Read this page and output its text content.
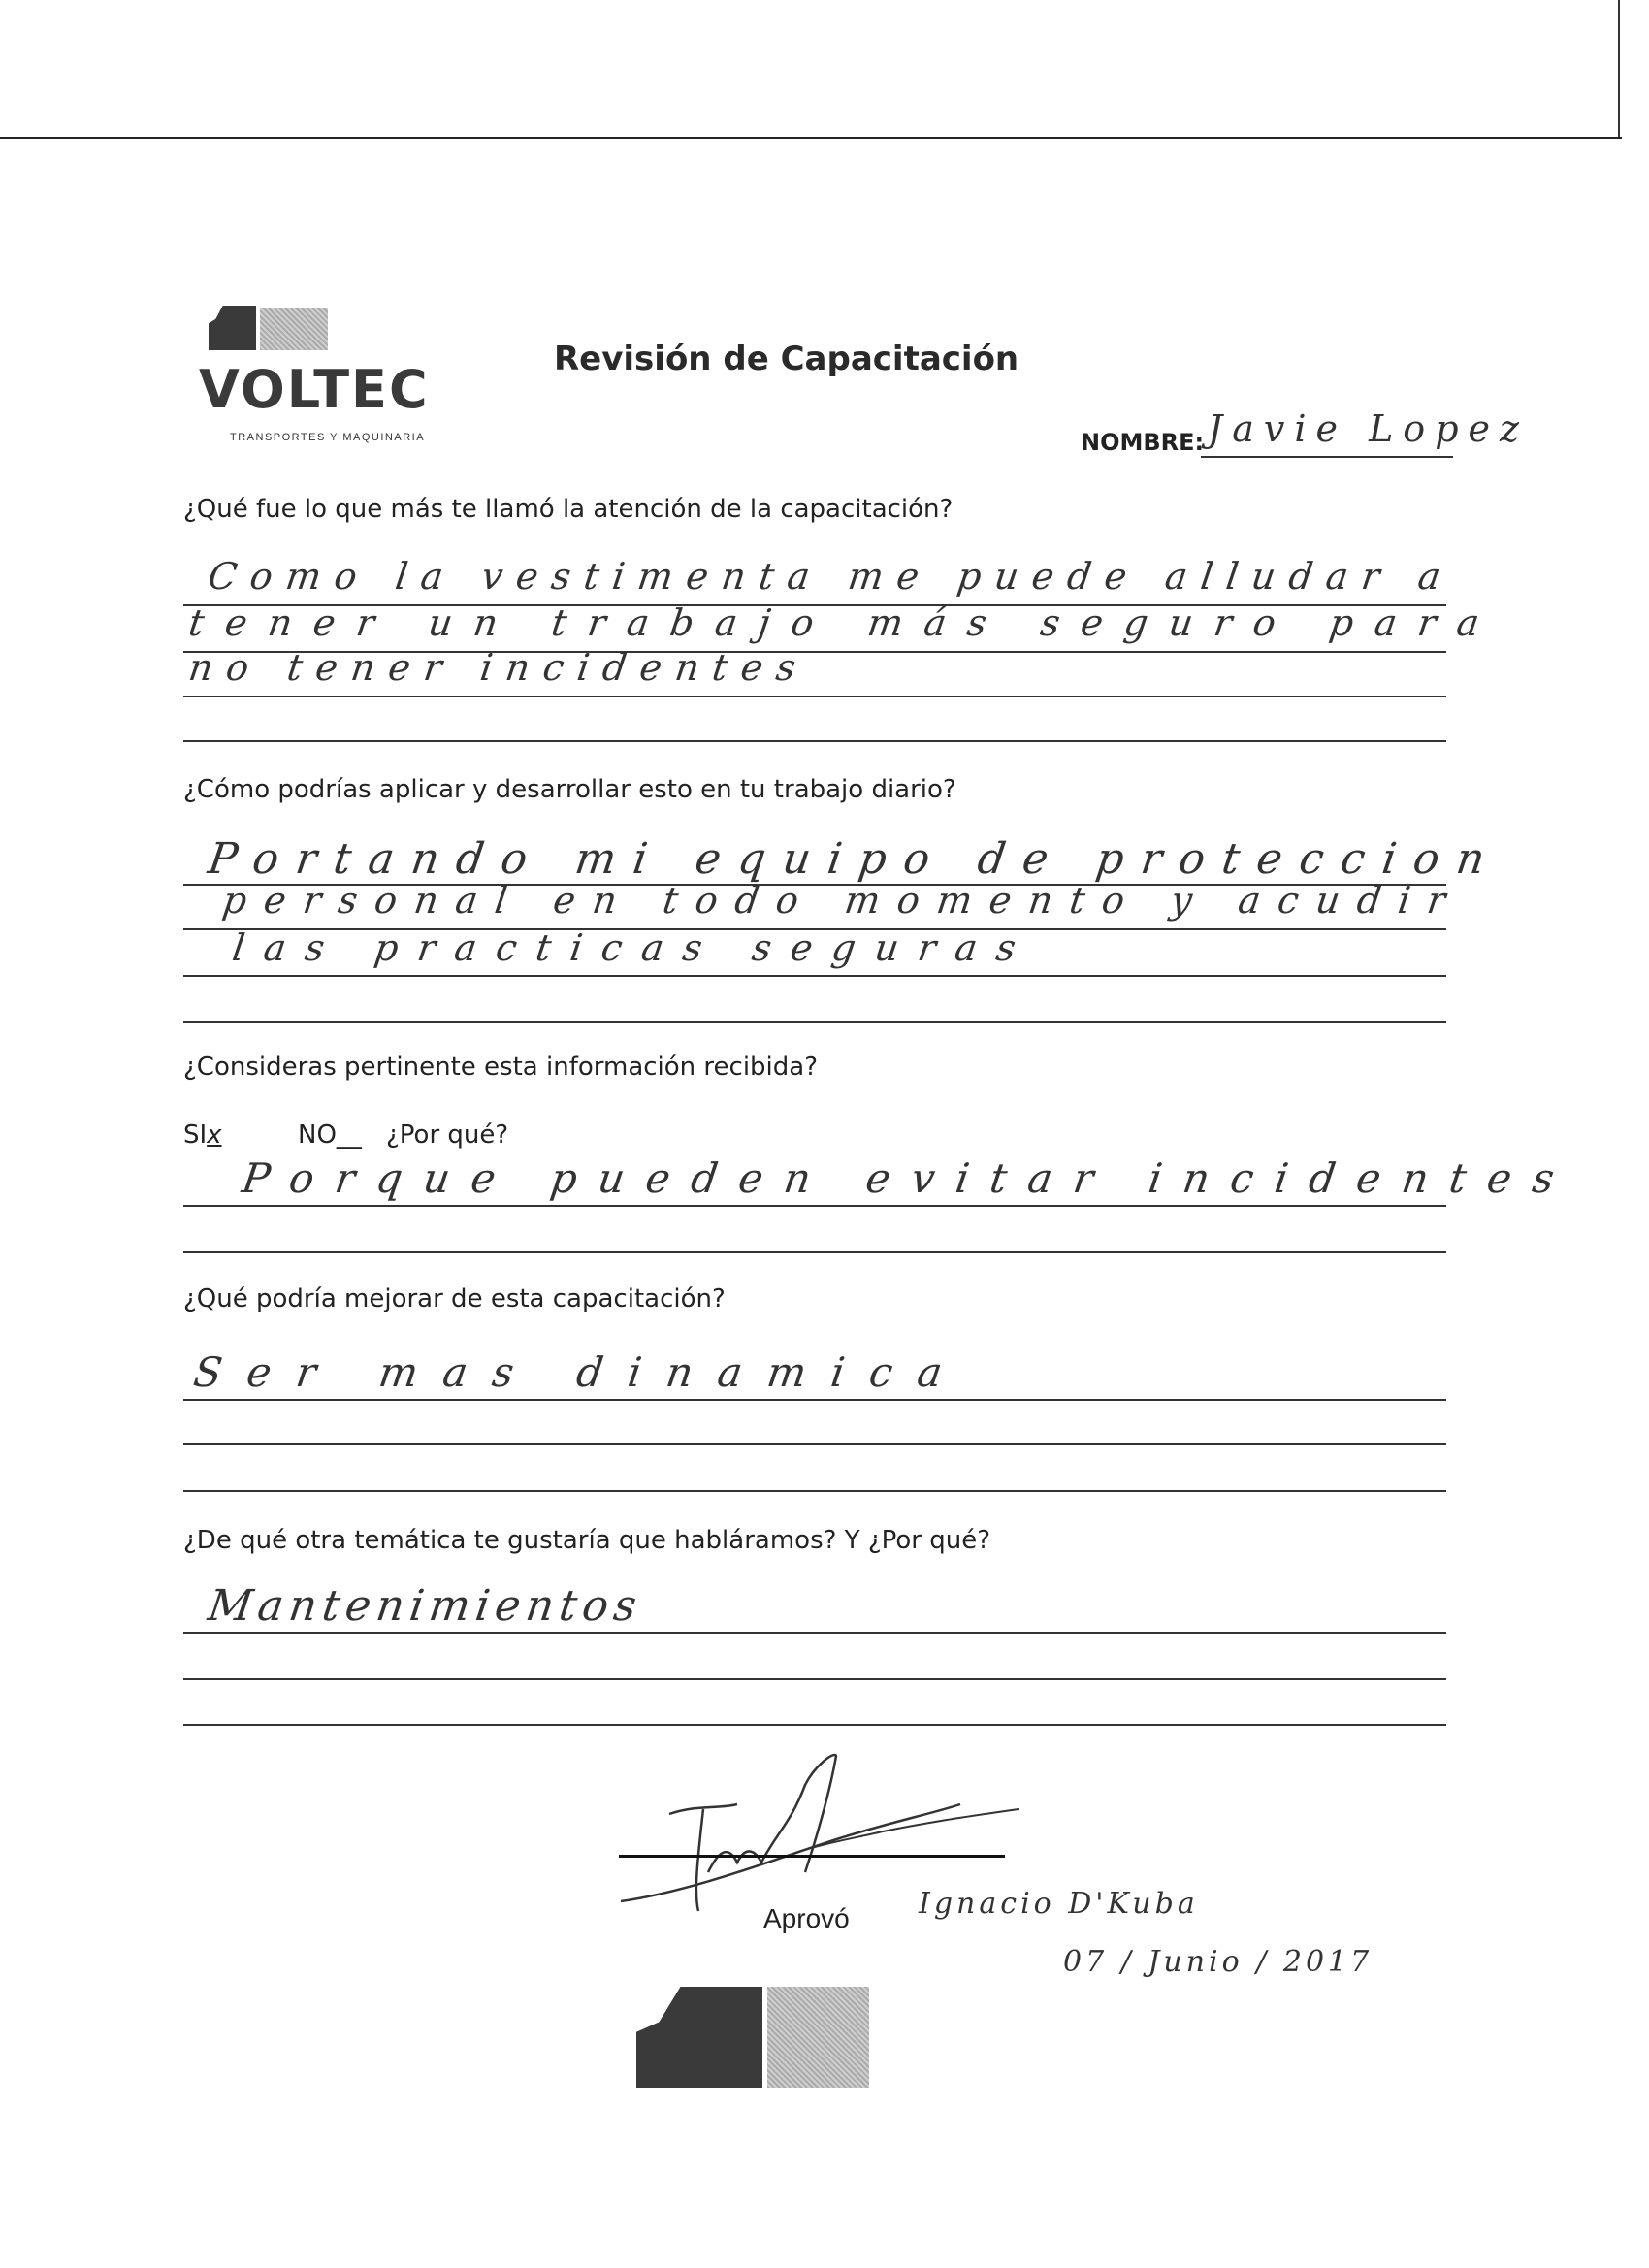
VOLTEC
TRANSPORTES Y MAQUINARIA
Revisión de Capacitación
NOMBRE: Javie Lopez
¿Qué fue lo que más te llamó la atención de la capacitación?
Como la vestimenta me puede alludar a
tener un trabajo más seguro para
no tener incidentes
¿Cómo podrías aplicar y desarrollar esto en tu trabajo diario?
Portando mi equipo de proteccion
personal en todo momento y acudir
las practicas seguras
¿Consideras pertinente esta información recibida?
SIx	NO__ ¿Por qué?
Porque pueden evitar incidentes
¿Qué podría mejorar de esta capacitación?
Ser mas dinamica
¿De qué otra temática te gustaría que habláramos? Y ¿Por qué?
Mantenimientos
Aprovó Ignacio D'Kuba
07 / Junio / 2017
